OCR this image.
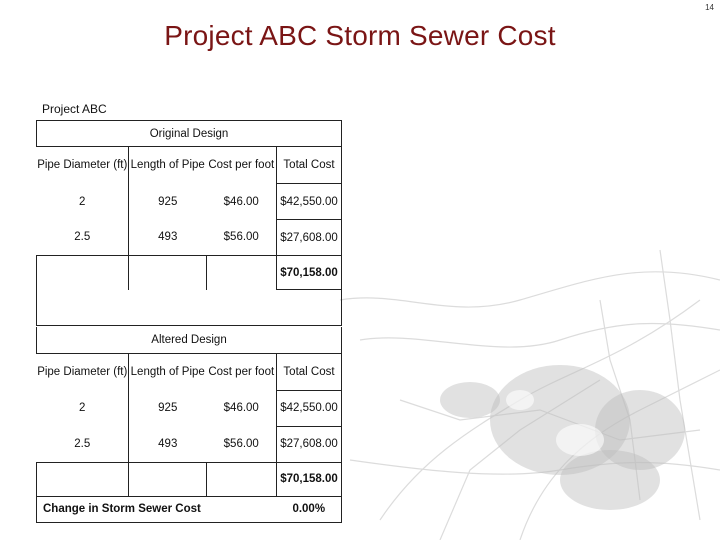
14
Project ABC Storm Sewer Cost
Project ABC
Original Design			
Pipe Diameter (ft)	Length of Pipe	Cost per foot	Total Cost
2	925	$46.00	$42,550.00
2.5	493	$56.00	$27,608.00
			$70,158.00

Altered Design			
Pipe Diameter (ft)	Length of Pipe	Cost per foot	Total Cost
2	925	$46.00	$42,550.00
2.5	493	$56.00	$27,608.00
			$70,158.00
Change in Storm Sewer Cost			0.00%
